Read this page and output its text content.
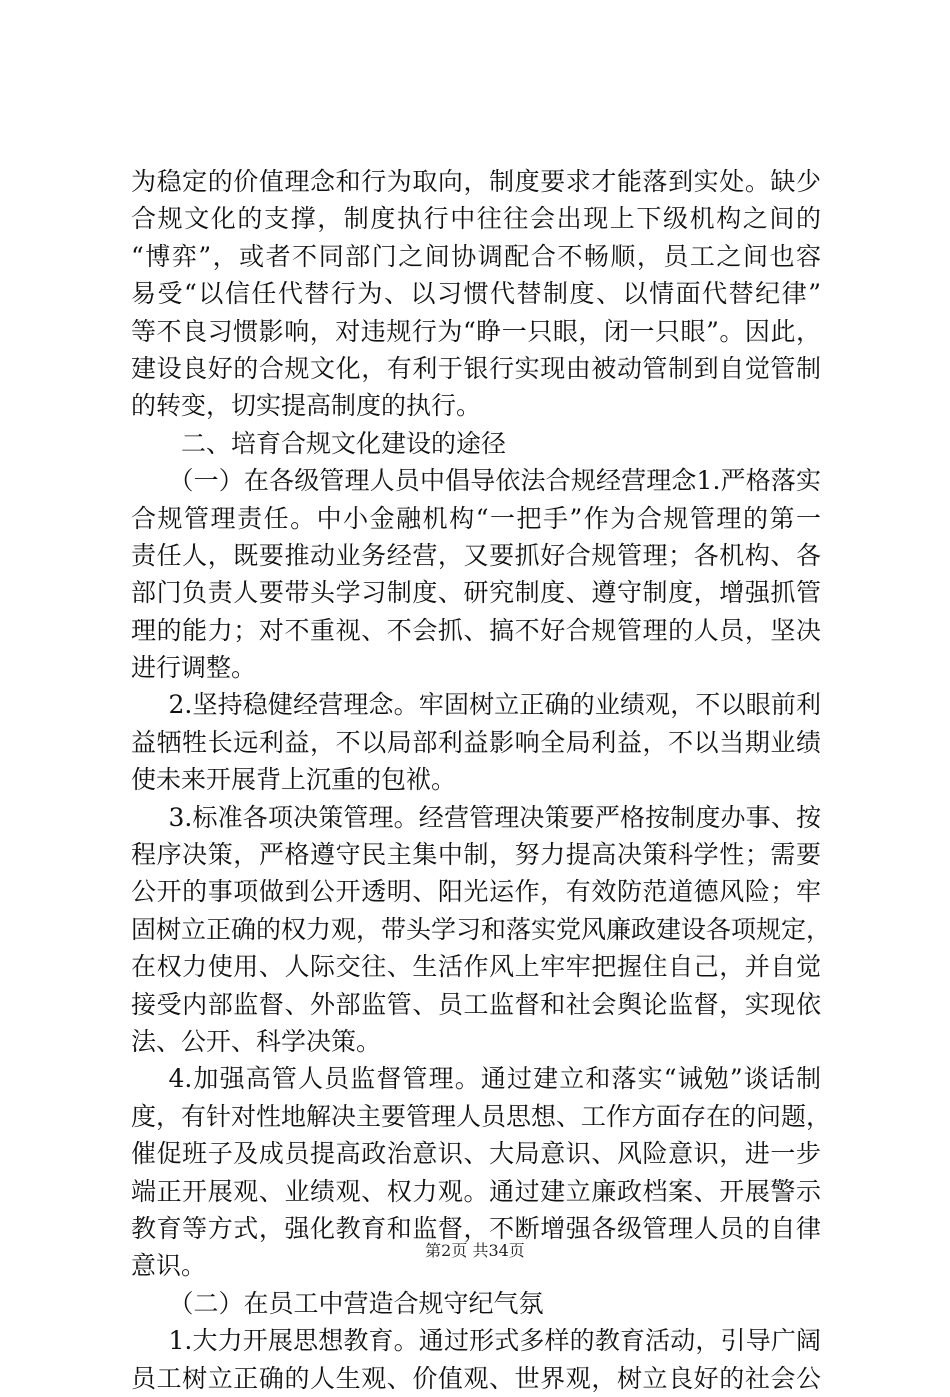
为稳定的价值理念和行为取向，制度要求才能落到实处。缺少
合规文化的支撑，制度执行中往往会出现上下级机构之间的
“博弈”，或者不同部门之间协调配合不畅顺，员工之间也容
易受“以信任代替行为、以习惯代替制度、以情面代替纪律”
等不良习惯影响，对违规行为“睁一只眼，闭一只眼”。因此，
建设良好的合规文化，有利于银行实现由被动管制到自觉管制
的转变，切实提高制度的执行。
二、培育合规文化建设的途径
（一）在各级管理人员中倡导依法合规经营理念1.严格落实
合规管理责任。中小金融机构“一把手”作为合规管理的第一
责任人，既要推动业务经营，又要抓好合规管理；各机构、各
部门负责人要带头学习制度、研究制度、遵守制度，增强抓管
理的能力；对不重视、不会抓、搞不好合规管理的人员，坚决
进行调整。
2.坚持稳健经营理念。牢固树立正确的业绩观，不以眼前利
益牺牲长远利益，不以局部利益影响全局利益，不以当期业绩
使未来开展背上沉重的包袱。
3.标准各项决策管理。经营管理决策要严格按制度办事、按
程序决策，严格遵守民主集中制，努力提高决策科学性；需要
公开的事项做到公开透明、阳光运作，有效防范道德风险；牢
固树立正确的权力观，带头学习和落实党风廉政建设各项规定，
在权力使用、人际交往、生活作风上牢牢把握住自己，并自觉
接受内部监督、外部监管、员工监督和社会舆论监督，实现依
法、公开、科学决策。
4.加强高管人员监督管理。通过建立和落实“诫勉”谈话制
度，有针对性地解决主要管理人员思想、工作方面存在的问题，
催促班子及成员提高政治意识、大局意识、风险意识，进一步
端正开展观、业绩观、权力观。通过建立廉政档案、开展警示
教育等方式，强化教育和监督，不断增强各级管理人员的自律
意识。
（二）在员工中营造合规守纪气氛
1.大力开展思想教育。通过形式多样的教育活动，引导广阔
员工树立正确的人生观、价值观、世界观，树立良好的社会公
第2页 共34页
